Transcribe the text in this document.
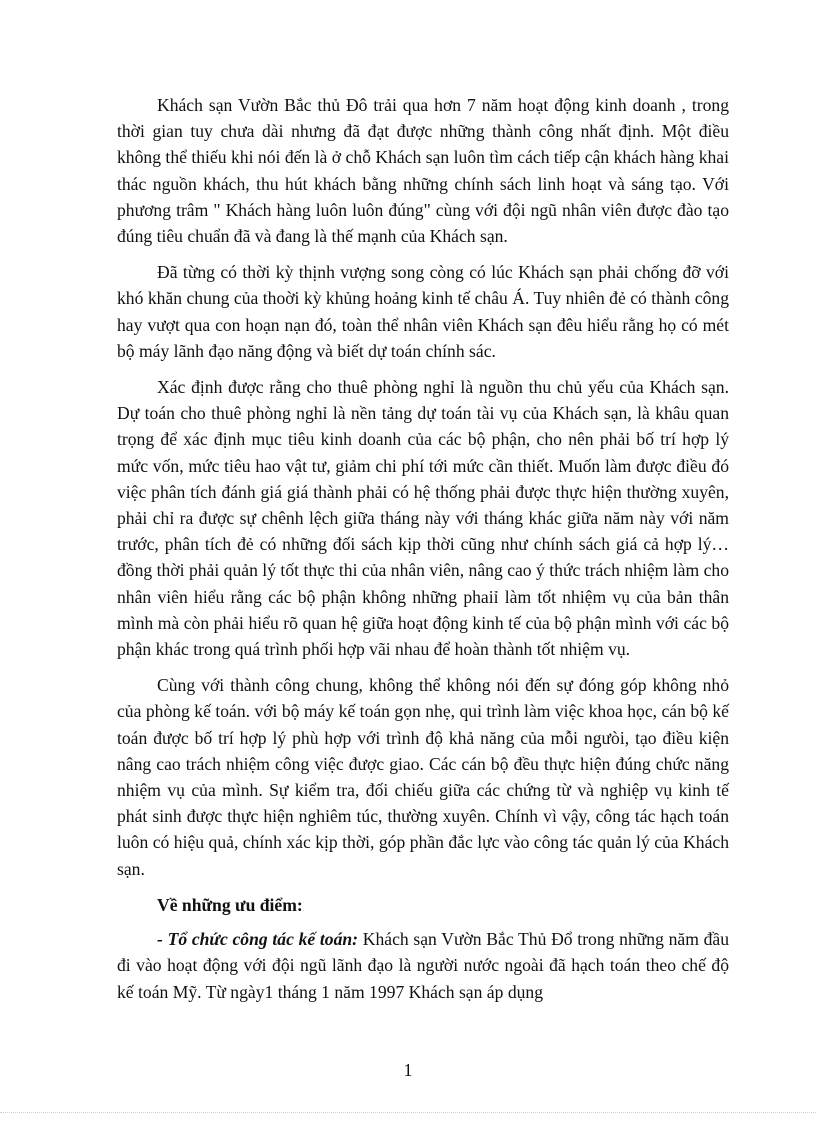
Khách sạn Vườn Bắc thủ Đô trải qua hơn 7 năm hoạt động kinh doanh , trong thời gian tuy chưa dài nhưng đã đạt được những thành công nhất định. Một điều không thể thiếu khi nói đến là ở chỗ Khách sạn luôn tìm cách tiếp cận khách hàng khai thác nguồn khách, thu hút khách bằng những chính sách linh hoạt và sáng tạo. Với phương trâm " Khách hàng luôn luôn đúng" cùng với đội ngũ nhân viên được đào tạo đúng tiêu chuẩn đã và đang là thế mạnh của Khách sạn.

Đã từng có thời kỳ thịnh vượng song còng có lúc Khách sạn phải chống đỡ với khó khăn chung của thoời kỳ khủng hoảng kinh tế châu Á. Tuy nhiên đẻ có thành công hay vượt qua con hoạn nạn đó, toàn thể nhân viên Khách sạn đêu hiểu rằng họ có mét bộ máy lãnh đạo năng động và biết dự toán chính sác.

Xác định được rằng cho thuê phòng nghỉ là nguồn thu chủ yếu của Khách sạn. Dự toán cho thuê phòng nghỉ là nền tảng dự toán tài vụ của Khách sạn, là khâu quan trọng để xác định mục tiêu kinh doanh của các bộ phận, cho nên phải bố trí hợp lý mức vốn, mức tiêu hao vật tư, giảm chi phí tới mức cần thiết. Muốn làm được điều đó việc phân tích đánh giá giá thành phải có hệ thống phải được thực hiện thường xuyên, phải chỉ ra được sự chênh lệch giữa tháng này với tháng khác giữa năm này với năm trước, phân tích đẻ có những đối sách kịp thời cũng như chính sách giá cả hợp lý… đồng thời phải quản lý tốt thực thi của nhân viên, nâng cao ý thức trách nhiệm làm cho nhân viên hiểu rằng các bộ phận không những phaiỉ làm tốt nhiệm vụ của bản thân mình mà còn phải hiểu rõ quan hệ giữa hoạt động kinh tế của bộ phận mình với các bộ phận khác trong quá trình phối hợp vãi nhau để hoàn thành tốt nhiệm vụ.

Cùng với thành công chung, không thể không nói đến sự đóng góp không nhỏ của phòng kế toán. với bộ máy kế toán gọn nhẹ, qui trình làm việc khoa học, cán bộ kế toán được bố trí hợp lý phù hợp với trình độ khả năng của mỗi ngưòi, tạo điều kiện nâng cao trách nhiệm công việc được giao. Các cán bộ đều thực hiện đúng chức năng nhiệm vụ của mình. Sự kiểm tra, đối chiếu giữa các chứng từ và nghiệp vụ kinh tế phát sinh được thực hiện nghiêm túc, thường xuyên. Chính vì vậy, công tác hạch toán luôn có hiệu quả, chính xác kịp thời, góp phần đắc lực vào công tác quản lý của Khách sạn.

Về những ưu điểm:

- Tổ chức công tác kế toán: Khách sạn Vườn Bắc Thủ Đổ trong những năm đầu đi vào hoạt động với đội ngũ lãnh đạo là người nước ngoài đã hạch toán theo chế độ kế toán Mỹ. Từ ngày1 tháng 1 năm 1997 Khách sạn áp dụng

1
